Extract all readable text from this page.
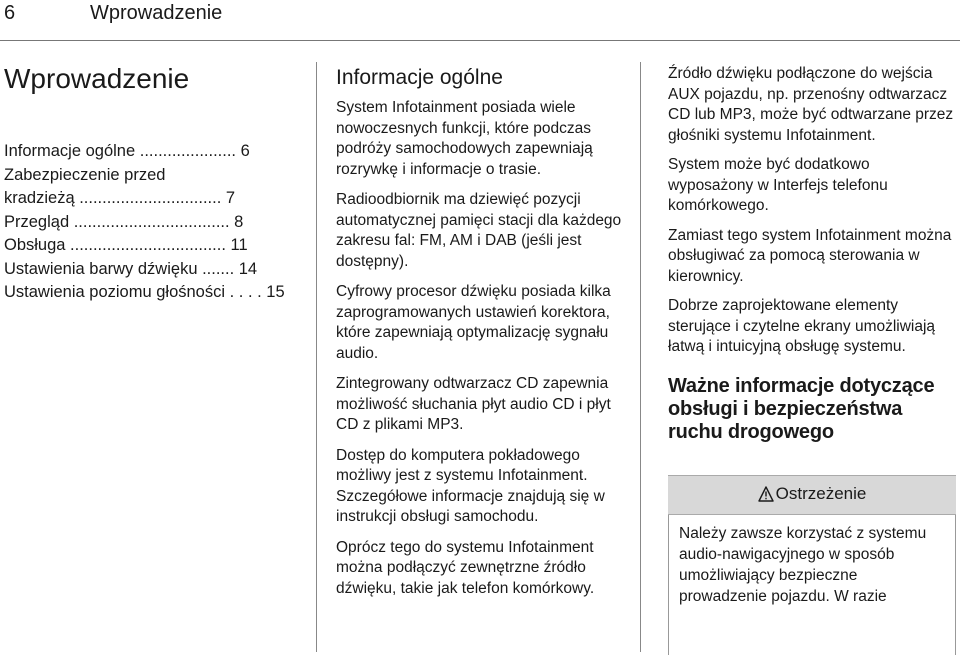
6	Wprowadzenie
Wprowadzenie
Informacje ogólne ..................... 6
Zabezpieczenie przed
kradzieżą ............................... 7
Przegląd .................................. 8
Obsługa .................................. 11
Ustawienia barwy dźwięku ....... 14
Ustawienia poziomu głośności . . . . 15
Informacje ogólne

System Infotainment posiada wiele nowoczesnych funkcji, które podczas podróży samochodowych zapewniają rozrywkę i informacje o trasie.

Radioodbiornik ma dziewięć pozycji automatycznej pamięci stacji dla każdego zakresu fal: FM, AM i DAB (jeśli jest dostępny).

Cyfrowy procesor dźwięku posiada kilka zaprogramowanych ustawień korektora, które zapewniają optymalizację sygnału audio.

Zintegrowany odtwarzacz CD zapewnia możliwość słuchania płyt audio CD i płyt CD z plikami MP3.

Dostęp do komputera pokładowego możliwy jest z systemu Infotainment. Szczegółowe informacje znajdują się w instrukcji obsługi samochodu.

Oprócz tego do systemu Infotainment można podłączyć zewnętrzne źródło dźwięku, takie jak telefon komórkowy.

Źródło dźwięku podłączone do wejścia AUX pojazdu, np. przenośny odtwarzacz CD lub MP3, może być odtwarzane przez głośniki systemu Infotainment.

System może być dodatkowo wyposażony w Interfejs telefonu komórkowego.

Zamiast tego system Infotainment można obsługiwać za pomocą sterowania w kierownicy.

Dobrze zaprojektowane elementy sterujące i czytelne ekrany umożliwiają łatwą i intuicyjną obsługę systemu.

Ważne informacje dotyczące obsługi i bezpieczeństwa ruchu drogowego
Ostrzeżenie

Należy zawsze korzystać z systemu audio-nawigacyjnego w sposób umożliwiający bezpieczne prowadzenie pojazdu. W razie
